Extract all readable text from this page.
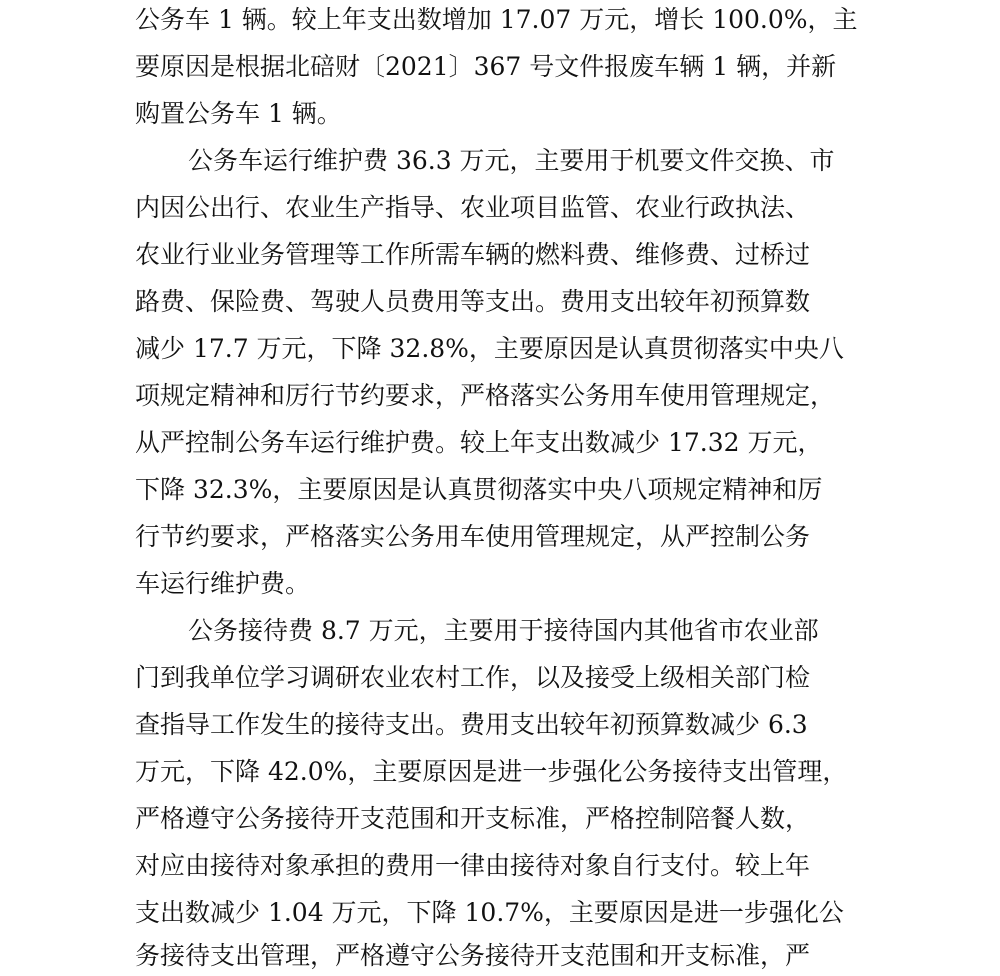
公务车 1 辆。较上年支出数增加 17.07 万元，增长 100.0%，主

要原因是根据北碚财〔2021〕367 号文件报废车辆 1 辆，并新

购置公务车 1 辆。

公务车运行维护费 36.3 万元，主要用于机要文件交换、市

内因公出行、农业生产指导、农业项目监管、农业行政执法、

农业行业业务管理等工作所需车辆的燃料费、维修费、过桥过

路费、保险费、驾驶人员费用等支出。费用支出较年初预算数

减少 17.7 万元，下降 32.8%，主要原因是认真贯彻落实中央八

项规定精神和厉行节约要求，严格落实公务用车使用管理规定，

从严控制公务车运行维护费。较上年支出数减少 17.32 万元，

下降 32.3%，主要原因是认真贯彻落实中央八项规定精神和厉

行节约要求，严格落实公务用车使用管理规定，从严控制公务

车运行维护费。

公务接待费 8.7 万元，主要用于接待国内其他省市农业部

门到我单位学习调研农业农村工作，以及接受上级相关部门检

查指导工作发生的接待支出。费用支出较年初预算数减少 6.3

万元，下降 42.0%，主要原因是进一步强化公务接待支出管理，

严格遵守公务接待开支范围和开支标准，严格控制陪餐人数，

对应由接待对象承担的费用一律由接待对象自行支付。较上年

支出数减少 1.04 万元，下降 10.7%，主要原因是进一步强化公

务接待支出管理，严格遵守公务接待开支范围和开支标准，严
